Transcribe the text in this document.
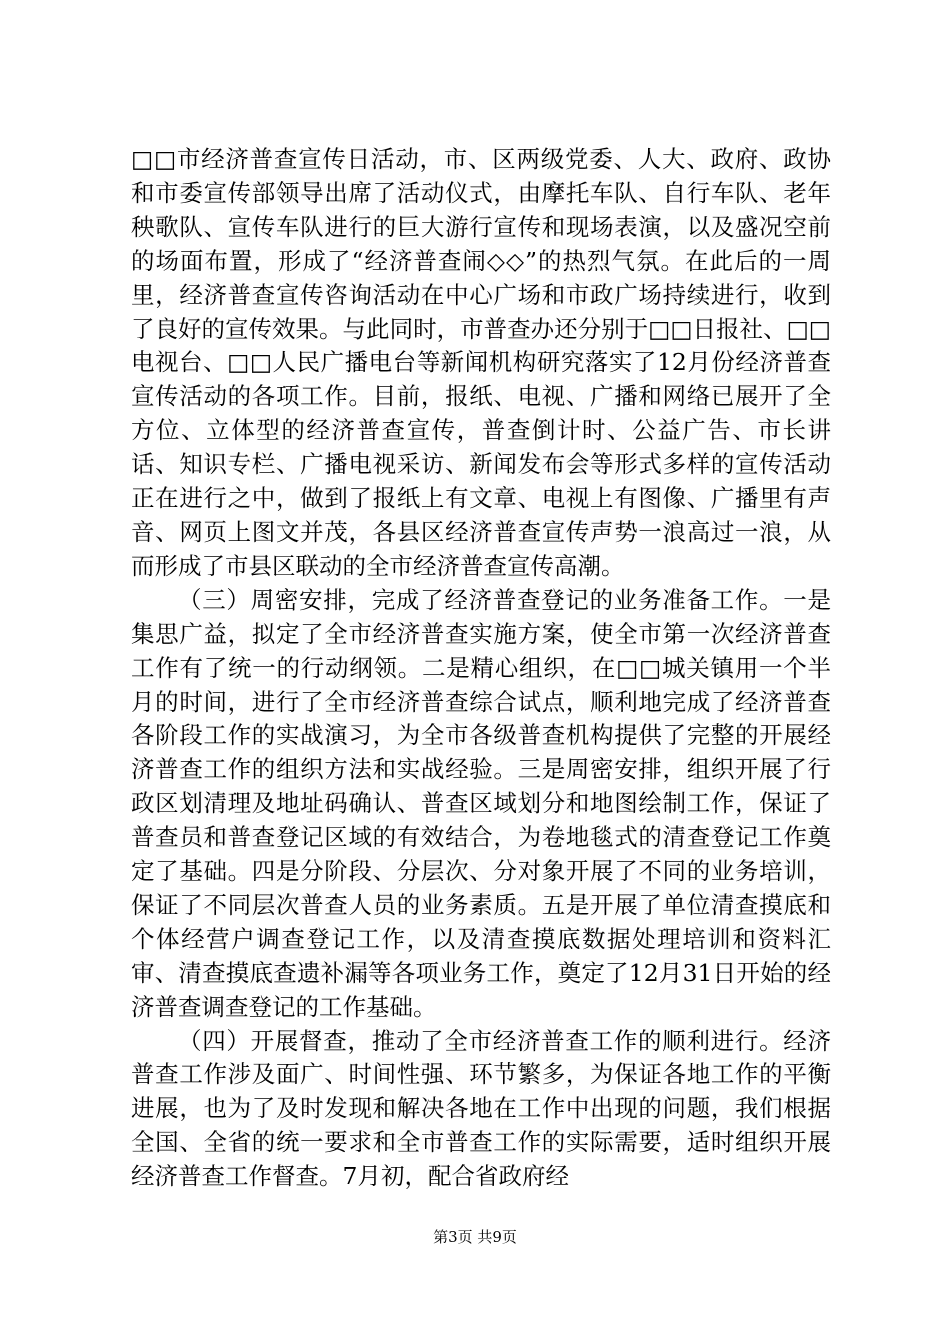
□□市经济普查宣传日活动，市、区两级党委、人大、政府、政协和市委宣传部领导出席了活动仪式，由摩托车队、自行车队、老年秧歌队、宣传车队进行的巨大游行宣传和现场表演，以及盛况空前的场面布置，形成了“经济普查闹◇◇”的热烈气氛。在此后的一周里，经济普查宣传咨询活动在中心广场和市政广场持续进行，收到了良好的宣传效果。与此同时，市普查办还分别于□□日报社、□□电视台、□□人民广播电台等新闻机构研究落实了12月份经济普查宣传活动的各项工作。目前，报纸、电视、广播和网络已展开了全方位、立体型的经济普查宣传，普查倒计时、公益广告、市长讲话、知识专栏、广播电视采访、新闻发布会等形式多样的宣传活动正在进行之中，做到了报纸上有文章、电视上有图像、广播里有声音、网页上图文并茂，各县区经济普查宣传声势一浪高过一浪，从而形成了市县区联动的全市经济普查宣传高潮。

（三）周密安排，完成了经济普查登记的业务准备工作。一是集思广益，拟定了全市经济普查实施方案，使全市第一次经济普查工作有了统一的行动纲领。二是精心组织，在□□城关镇用一个半月的时间，进行了全市经济普查综合试点，顺利地完成了经济普查各阶段工作的实战演习，为全市各级普查机构提供了完整的开展经济普查工作的组织方法和实战经验。三是周密安排，组织开展了行政区划清理及地址码确认、普查区域划分和地图绘制工作，保证了普查员和普查登记区域的有效结合，为卷地毯式的清查登记工作奠定了基础。四是分阶段、分层次、分对象开展了不同的业务培训，保证了不同层次普查人员的业务素质。五是开展了单位清查摸底和个体经营户调查登记工作，以及清查摸底数据处理培训和资料汇审、清查摸底查遗补漏等各项业务工作，奠定了12月31日开始的经济普查调查登记的工作基础。

（四）开展督查，推动了全市经济普查工作的顺利进行。经济普查工作涉及面广、时间性强、环节繁多，为保证各地工作的平衡进展，也为了及时发现和解决各地在工作中出现的问题，我们根据全国、全省的统一要求和全市普查工作的实际需要，适时组织开展经济普查工作督查。7月初，配合省政府经

第3页 共9页
